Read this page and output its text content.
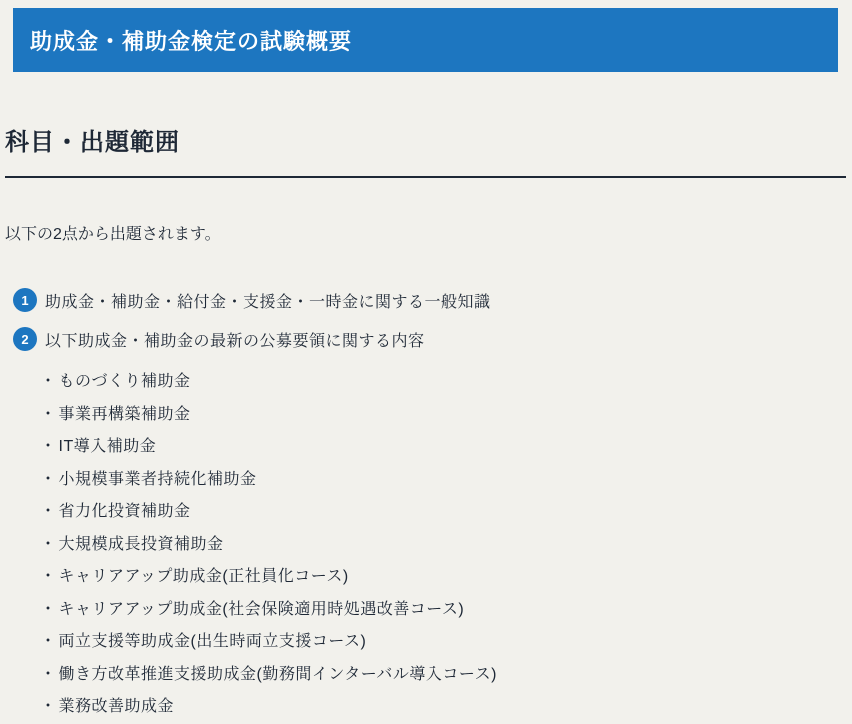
助成金・補助金検定の試験概要
科目・出題範囲

以下の2点から出題されます。

1	助成金・補助金・給付金・支援金・一時金に関する一般知識
2	以下助成金・補助金の最新の公募要領に関する内容
・ ものづくり補助金
・ 事業再構築補助金
・ IT導入補助金
・ 小規模事業者持続化補助金
・ 省力化投資補助金
・ 大規模成長投資補助金
・ キャリアアップ助成金(正社員化コース)
・ キャリアアップ助成金(社会保険適用時処遇改善コース)
・ 両立支援等助成金(出生時両立支援コース)
・ 働き方改革推進支援助成金(勤務間インターバル導入コース)
・ 業務改善助成金
